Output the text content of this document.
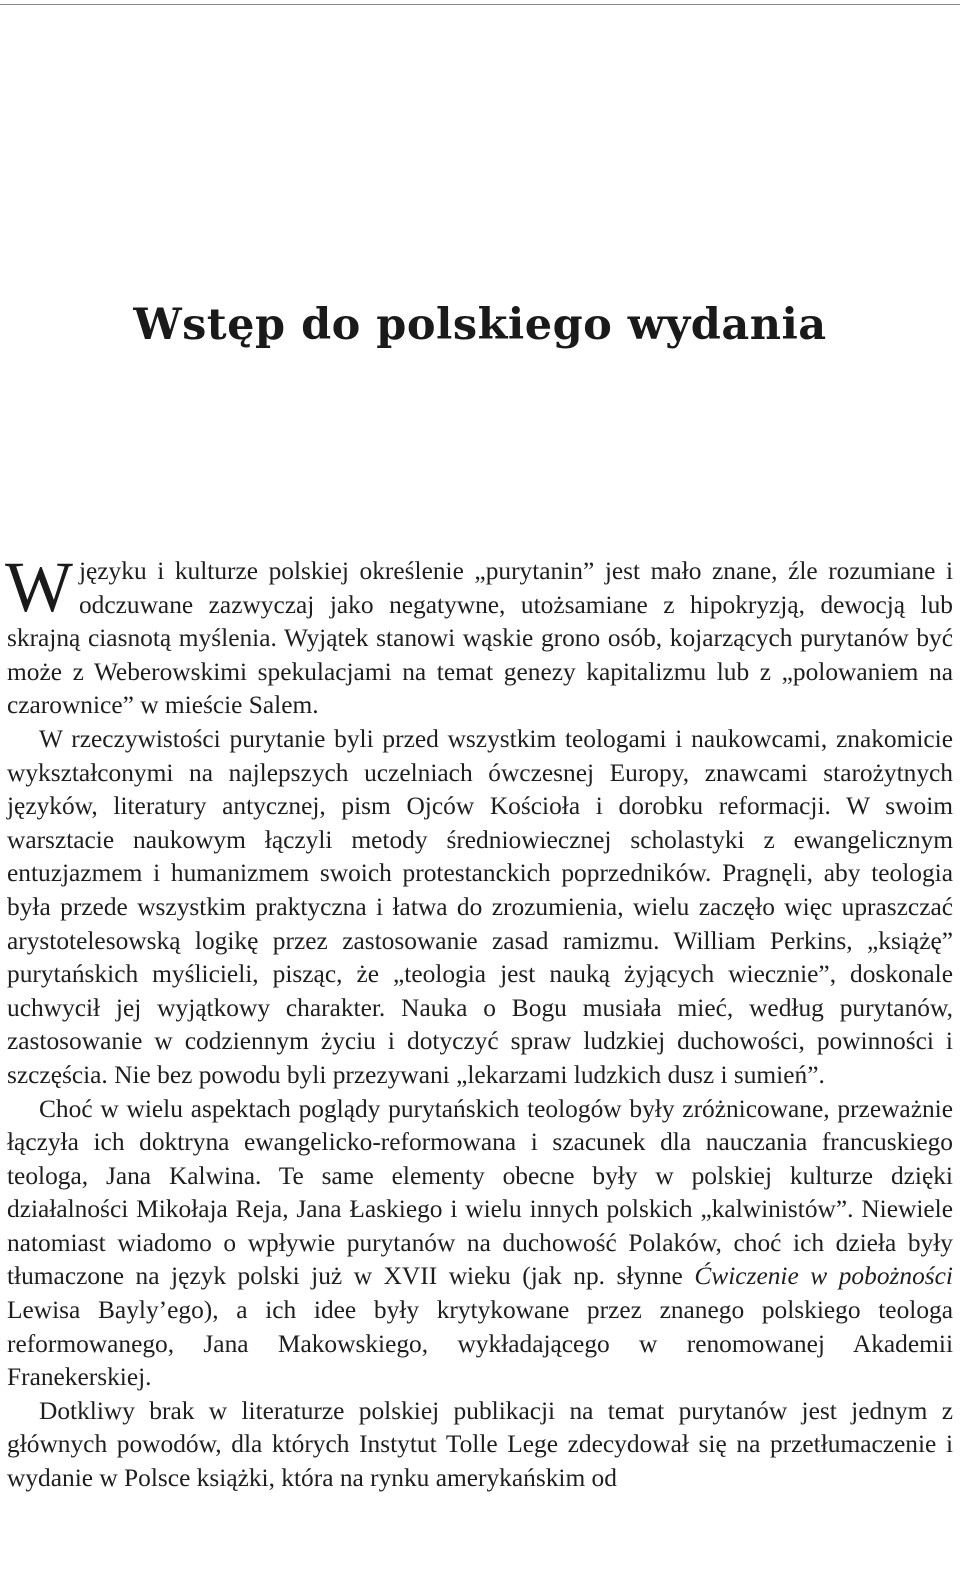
Wstęp do polskiego wydania

W języku i kulturze polskiej określenie „purytanin” jest mało znane, źle rozumiane i odczuwane zazwyczaj jako negatywne, utożsamiane z hipokryzją, dewocją lub skrajną ciasnotą myślenia. Wyjątek stanowi wąskie grono osób, kojarzących purytanów być może z Weberowskimi spekulacjami na temat genezy kapitalizmu lub z „polowaniem na czarownice” w mieście Salem.

W rzeczywistości purytanie byli przed wszystkim teologami i naukowcami, znakomicie wykształconymi na najlepszych uczelniach ówczesnej Europy, znawcami starożytnych języków, literatury antycznej, pism Ojców Kościoła i dorobku reformacji. W swoim warsztacie naukowym łączyli metody średniowiecznej scholastyki z ewangelicznym entuzjazmem i humanizmem swoich protestanckich poprzedników. Pragnęli, aby teologia była przede wszystkim praktyczna i łatwa do zrozumienia, wielu zaczęło więc upraszczać arystotelesowską logikę przez zastosowanie zasad ramizmu. William Perkins, „książę” purytańskich myślicieli, pisząc, że „teologia jest nauką żyjących wiecznie”, doskonale uchwycił jej wyjątkowy charakter. Nauka o Bogu musiała mieć, według purytanów, zastosowanie w codziennym życiu i dotyczyć spraw ludzkiej duchowości, powinności i szczęścia. Nie bez powodu byli przezywani „lekarzami ludzkich dusz i sumień”.

Choć w wielu aspektach poglądy purytańskich teologów były zróżnicowane, przeważnie łączyła ich doktryna ewangelicko-reformowana i szacunek dla nauczania francuskiego teologa, Jana Kalwina. Te same elementy obecne były w polskiej kulturze dzięki działalności Mikołaja Reja, Jana Łaskiego i wielu innych polskich „kalwinistów”. Niewiele natomiast wiadomo o wpływie purytanów na duchowość Polaków, choć ich dzieła były tłumaczone na język polski już w XVII wieku (jak np. słynne Ćwiczenie w pobożności Lewisa Bayly’ego), a ich idee były krytykowane przez znanego polskiego teologa reformowanego, Jana Makowskiego, wykładającego w renomowanej Akademii Franekerskiej.

Dotkliwy brak w literaturze polskiej publikacji na temat purytanów jest jednym z głównych powodów, dla których Instytut Tolle Lege zdecydował się na przetłumaczenie i wydanie w Polsce książki, która na rynku amerykańskim od
